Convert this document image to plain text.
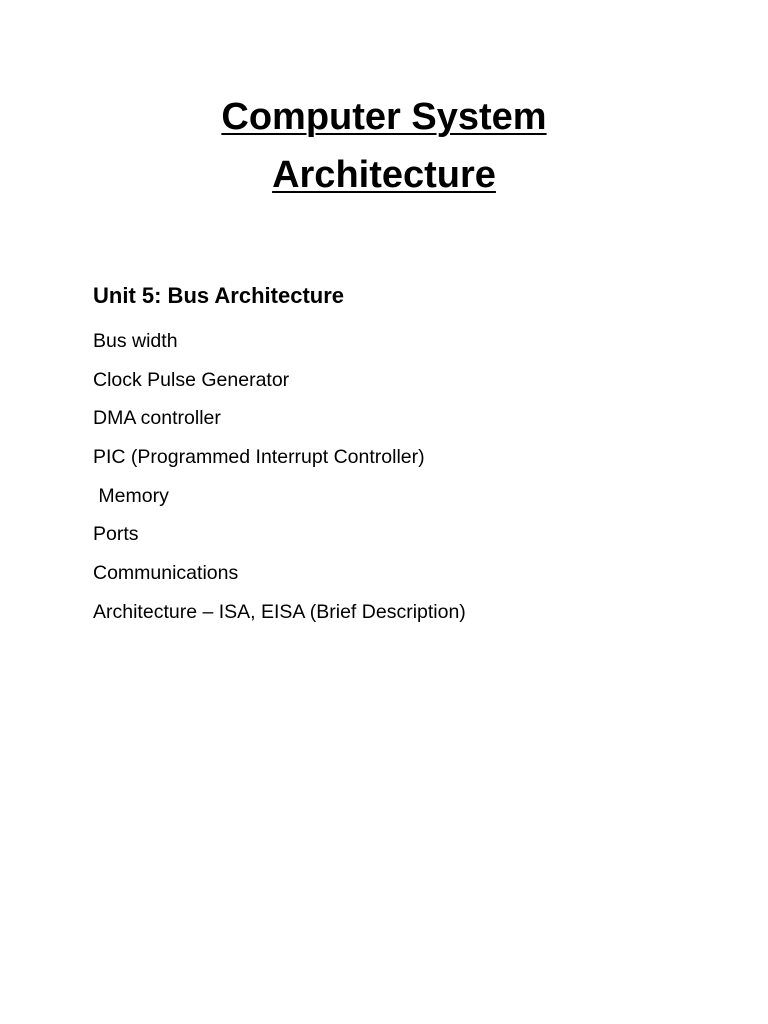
Computer System
Architecture
Unit 5: Bus Architecture
Bus width
Clock Pulse Generator
DMA controller
PIC (Programmed Interrupt Controller)
Memory
Ports
Communications
Architecture – ISA, EISA (Brief Description)
